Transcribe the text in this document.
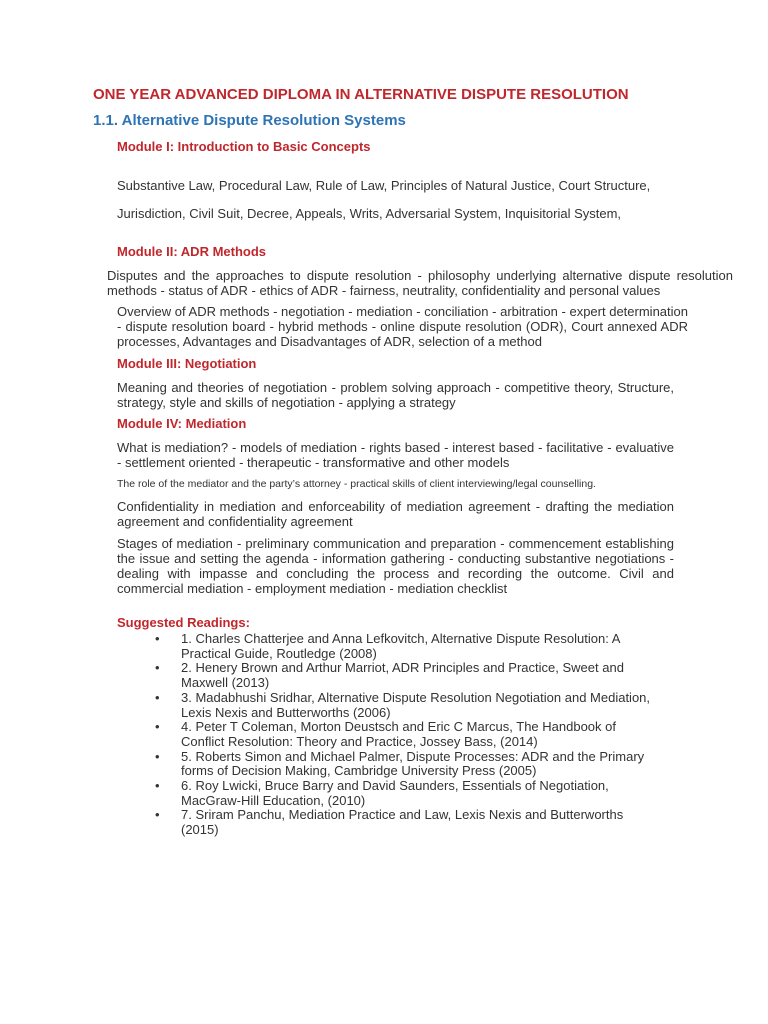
ONE YEAR ADVANCED DIPLOMA IN ALTERNATIVE DISPUTE RESOLUTION
1.1. Alternative Dispute Resolution Systems
Module I: Introduction to Basic Concepts

Substantive Law, Procedural Law, Rule of Law, Principles of Natural Justice, Court Structure,

Jurisdiction, Civil Suit, Decree, Appeals, Writs, Adversarial System, Inquisitorial System,

Module II: ADR Methods

Disputes and the approaches to dispute resolution - philosophy underlying alternative dispute resolution methods - status of ADR - ethics of ADR - fairness, neutrality, confidentiality and personal values

Overview of ADR methods - negotiation - mediation - conciliation - arbitration - expert determination - dispute resolution board - hybrid methods - online dispute resolution (ODR), Court annexed ADR processes, Advantages and Disadvantages of ADR, selection of a method

Module III: Negotiation

Meaning and theories of negotiation - problem solving approach - competitive theory, Structure, strategy, style and skills of negotiation - applying a strategy

Module IV: Mediation

What is mediation? - models of mediation - rights based - interest based - facilitative - evaluative - settlement oriented - therapeutic - transformative and other models

The role of the mediator and the party’s attorney - practical skills of client interviewing/legal counselling.

Confidentiality in mediation and enforceability of mediation agreement - drafting the mediation agreement and confidentiality agreement

Stages of mediation - preliminary communication and preparation - commencement establishing the issue and setting the agenda - information gathering - conducting substantive negotiations - dealing with impasse and concluding the process and recording the outcome. Civil and commercial mediation - employment mediation - mediation checklist

Suggested Readings:
• 1. Charles Chatterjee and Anna Lefkovitch, Alternative Dispute Resolution: A Practical Guide, Routledge (2008)
• 2. Henery Brown and Arthur Marriot, ADR Principles and Practice, Sweet and Maxwell (2013)
• 3. Madabhushi Sridhar, Alternative Dispute Resolution Negotiation and Mediation, Lexis Nexis and Butterworths (2006)
• 4. Peter T Coleman, Morton Deustsch and Eric C Marcus, The Handbook of Conflict Resolution: Theory and Practice, Jossey Bass, (2014)
• 5. Roberts Simon and Michael Palmer, Dispute Processes: ADR and the Primary forms of Decision Making, Cambridge University Press (2005)
• 6. Roy Lwicki, Bruce Barry and David Saunders, Essentials of Negotiation, MacGraw-Hill Education, (2010)
• 7. Sriram Panchu, Mediation Practice and Law, Lexis Nexis and Butterworths (2015)
